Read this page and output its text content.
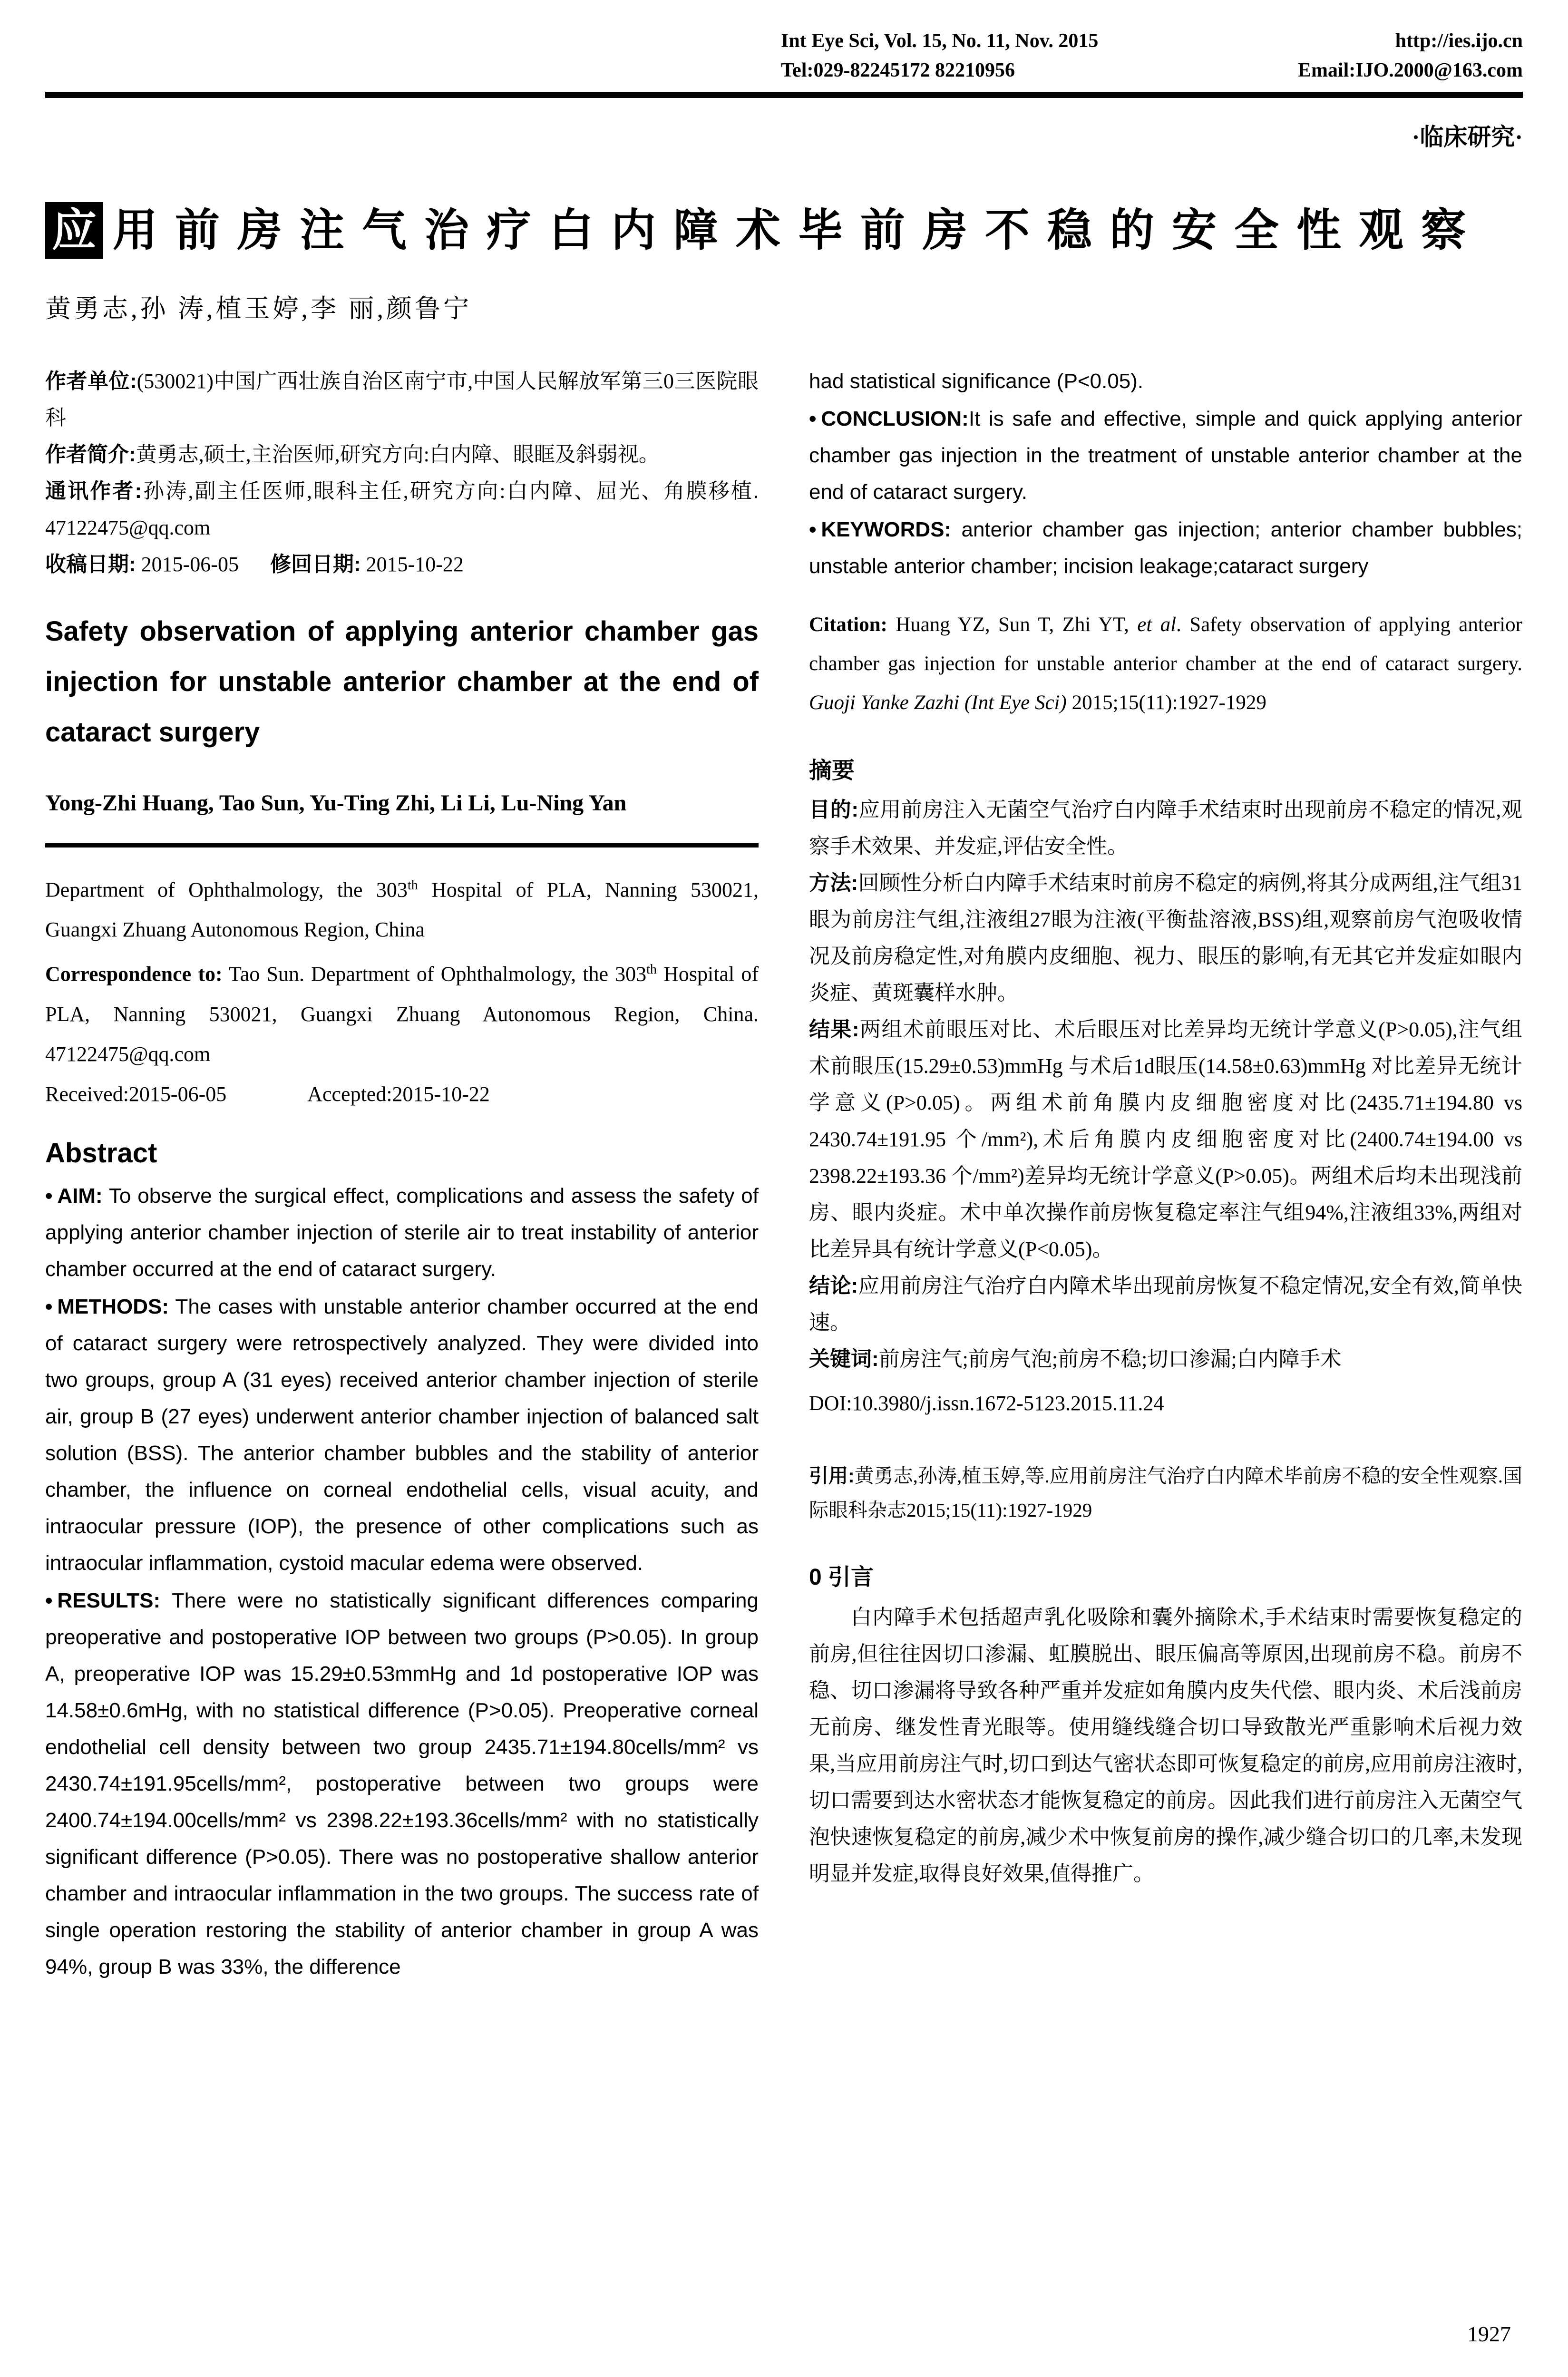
Int Eye Sci, Vol. 15, No. 11, Nov. 2015	http://ies.ijo.cn
Tel:029-82245172 82210956	Email:IJO.2000@163.com
·临床研究·
应 用前房注气治疗白内障术毕前房不稳的安全性观察
黄勇志,孙 涛,植玉婷,李 丽,颜鲁宁
作者单位:(530021)中国广西壮族自治区南宁市,中国人民解放军第三0三医院眼科
作者简介:黄勇志,硕士,主治医师,研究方向:白内障、眼眶及斜弱视。
通讯作者:孙涛,副主任医师,眼科主任,研究方向:白内障、屈光、角膜移植. 47122475@qq.com
收稿日期: 2015-06-05 修回日期: 2015-10-22
Safety observation of applying anterior chamber gas injection for unstable anterior chamber at the end of cataract surgery
Yong-Zhi Huang, Tao Sun, Yu-Ting Zhi, Li Li, Lu-Ning Yan
Department of Ophthalmology, the 303th Hospital of PLA, Nanning 530021, Guangxi Zhuang Autonomous Region, China
Correspondence to: Tao Sun. Department of Ophthalmology, the 303th Hospital of PLA, Nanning 530021, Guangxi Zhuang Autonomous Region, China. 47122475@qq.com
Received:2015-06-05	Accepted:2015-10-22
Abstract
• AIM: To observe the surgical effect, complications and assess the safety of applying anterior chamber injection of sterile air to treat instability of anterior chamber occurred at the end of cataract surgery.
• METHODS: The cases with unstable anterior chamber occurred at the end of cataract surgery were retrospectively analyzed. They were divided into two groups, group A (31 eyes) received anterior chamber injection of sterile air, group B (27 eyes) underwent anterior chamber injection of balanced salt solution (BSS). The anterior chamber bubbles and the stability of anterior chamber, the influence on corneal endothelial cells, visual acuity, and intraocular pressure (IOP), the presence of other complications such as intraocular inflammation, cystoid macular edema were observed.
• RESULTS: There were no statistically significant differences comparing preoperative and postoperative IOP between two groups (P>0.05). In group A, preoperative IOP was 15.29±0.53mmHg and 1d postoperative IOP was 14.58±0.6mHg, with no statistical difference (P>0.05). Preoperative corneal endothelial cell density between two group 2435.71±194.80cells/mm² vs 2430.74±191.95cells/mm², postoperative between two groups were 2400.74±194.00cells/mm² vs 2398.22±193.36cells/mm² with no statistically significant difference (P>0.05). There was no postoperative shallow anterior chamber and intraocular inflammation in the two groups. The success rate of single operation restoring the stability of anterior chamber in group A was 94%, group B was 33%, the difference
had statistical significance (P<0.05).
• CONCLUSION:It is safe and effective, simple and quick applying anterior chamber gas injection in the treatment of unstable anterior chamber at the end of cataract surgery.
• KEYWORDS: anterior chamber gas injection; anterior chamber bubbles; unstable anterior chamber; incision leakage;cataract surgery
Citation: Huang YZ, Sun T, Zhi YT, et al. Safety observation of applying anterior chamber gas injection for unstable anterior chamber at the end of cataract surgery. Guoji Yanke Zazhi (Int Eye Sci) 2015;15(11):1927-1929
摘要
目的:应用前房注入无菌空气治疗白内障手术结束时出现前房不稳定的情况,观察手术效果、并发症,评估安全性。
方法:回顾性分析白内障手术结束时前房不稳定的病例,将其分成两组,注气组31眼为前房注气组,注液组27眼为注液(平衡盐溶液,BSS)组,观察前房气泡吸收情况及前房稳定性,对角膜内皮细胞、视力、眼压的影响,有无其它并发症如眼内炎症、黄斑囊样水肿。
结果:两组术前眼压对比、术后眼压对比差异均无统计学意义(P>0.05),注气组术前眼压(15.29±0.53)mmHg 与术后1d眼压(14.58±0.63)mmHg 对比差异无统计学意义(P>0.05)。两组术前角膜内皮细胞密度对比(2435.71±194.80 vs 2430.74±191.95 个/mm²),术后角膜内皮细胞密度对比(2400.74±194.00 vs 2398.22±193.36 个/mm²)差异均无统计学意义(P>0.05)。两组术后均未出现浅前房、眼内炎症。术中单次操作前房恢复稳定率注气组94%,注液组33%,两组对比差异具有统计学意义(P<0.05)。
结论:应用前房注气治疗白内障术毕出现前房恢复不稳定情况,安全有效,简单快速。
关键词:前房注气;前房气泡;前房不稳;切口渗漏;白内障手术
DOI:10.3980/j.issn.1672-5123.2015.11.24
引用:黄勇志,孙涛,植玉婷,等.应用前房注气治疗白内障术毕前房不稳的安全性观察.国际眼科杂志2015;15(11):1927-1929
0 引言
白内障手术包括超声乳化吸除和囊外摘除术,手术结束时需要恢复稳定的前房,但往往因切口渗漏、虹膜脱出、眼压偏高等原因,出现前房不稳。前房不稳、切口渗漏将导致各种严重并发症如角膜内皮失代偿、眼内炎、术后浅前房无前房、继发性青光眼等。使用缝线缝合切口导致散光严重影响术后视力效果,当应用前房注气时,切口到达气密状态即可恢复稳定的前房,应用前房注液时,切口需要到达水密状态才能恢复稳定的前房。因此我们进行前房注入无菌空气泡快速恢复稳定的前房,减少术中恢复前房的操作,减少缝合切口的几率,未发现明显并发症,取得良好效果,值得推广。
1927
